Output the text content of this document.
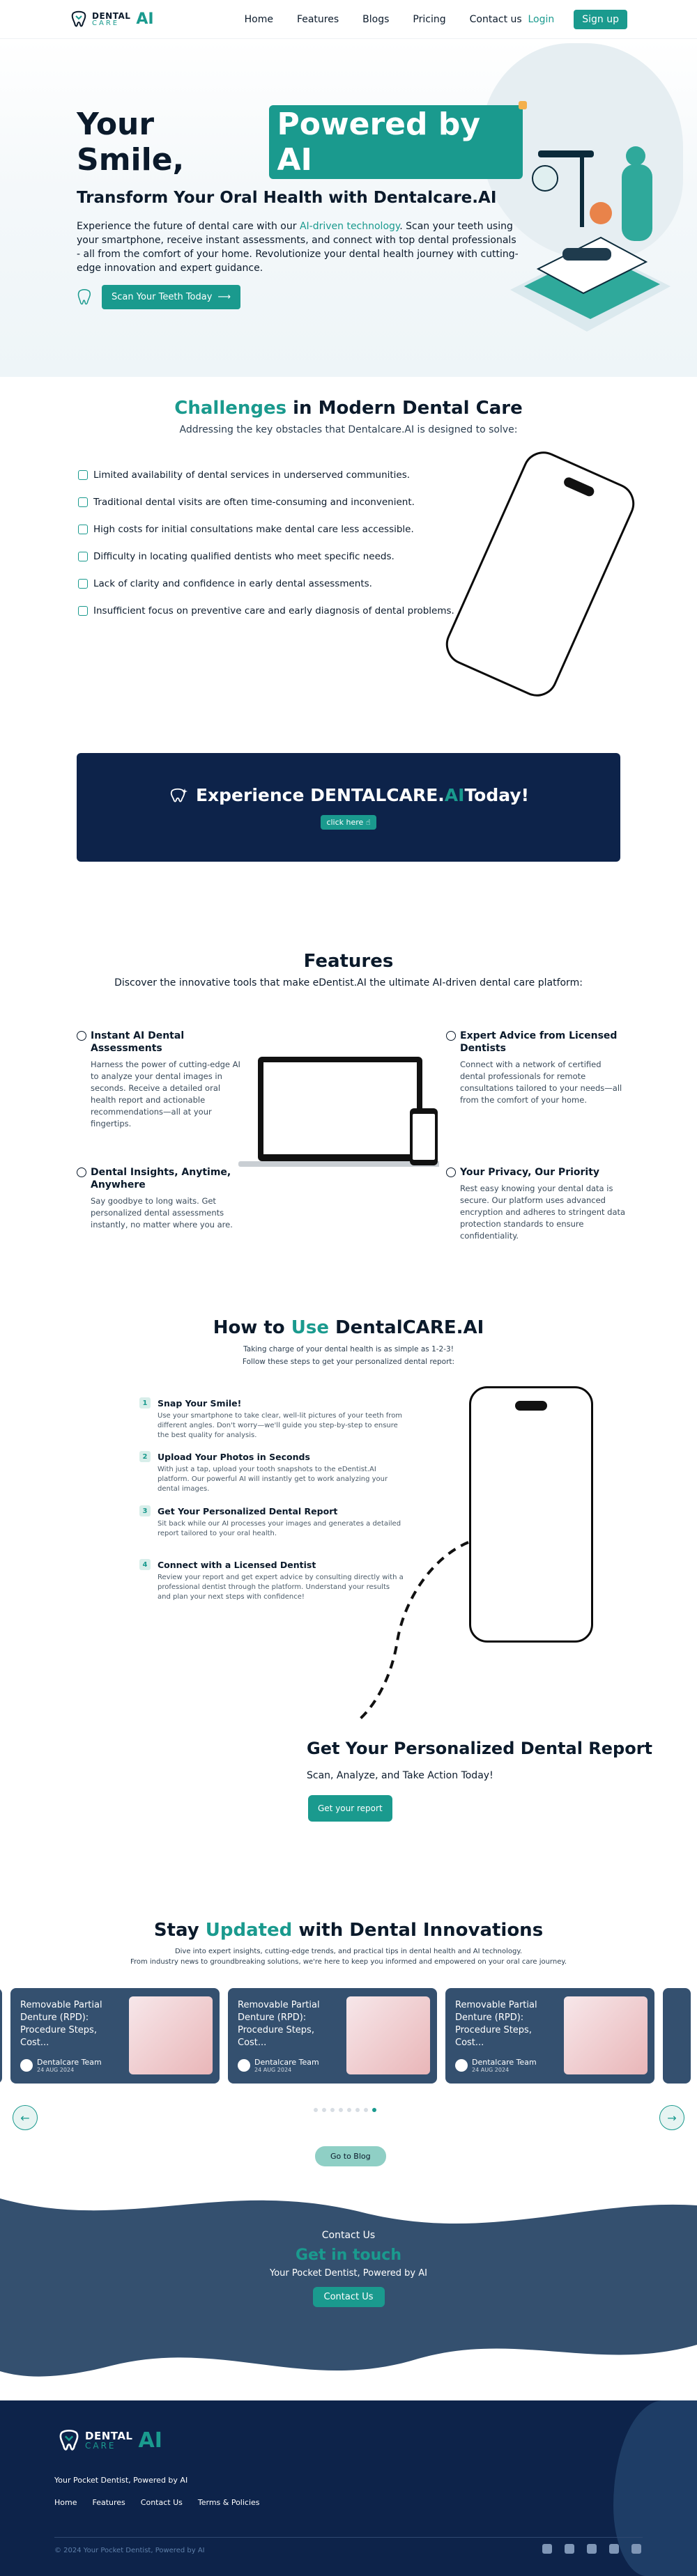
DENTAL
CARE	AI	Home Features Blogs Pricing Contact us Login	Sign up
Your Smile,
Powered by AI
Transform Your Oral Health with Dentalcare.AI
Experience the future of dental care with our AI-driven technology. Scan your teeth using your smartphone, receive instant assessments, and connect with top dental professionals - all from the comfort of your home. Revolutionize your dental health journey with cutting-edge innovation and expert guidance.
Scan Your Teeth Today ⟶
Challenges in Modern Dental Care
Addressing the key obstacles that Dentalcare.AI is designed to solve:
Limited availability of dental services in underserved communities.
Traditional dental visits are often time-consuming and inconvenient.
High costs for initial consultations make dental care less accessible.
Difficulty in locating qualified dentists who meet specific needs.
Lack of clarity and confidence in early dental assessments.
Insufficient focus on preventive care and early diagnosis of dental problems.
Experience DENTALCARE. AI Today!
click here ☝
Features
Discover the innovative tools that make eDentist.AI the ultimate AI-driven dental care platform:
Instant AI Dental Assessments

Harness the power of cutting-edge AI to analyze your dental images in seconds. Receive a detailed oral health report and actionable recommendations—all at your fingertips.

Expert Advice from Licensed Dentists

Connect with a network of certified dental professionals for remote consultations tailored to your needs—all from the comfort of your home.

Dental Insights, Anytime, Anywhere

Say goodbye to long waits. Get personalized dental assessments instantly, no matter where you are.

Your Privacy, Our Priority

Rest easy knowing your dental data is secure. Our platform uses advanced encryption and adheres to stringent data protection standards to ensure confidentiality.

How to Use DentalCARE.AI
Taking charge of your dental health is as simple as 1-2-3!
Follow these steps to get your personalized dental report:
1	Snap Your Smile!

Use your smartphone to take clear, well-lit pictures of your teeth from different angles. Don't worry—we'll guide you step-by-step to ensure the best quality for analysis.

2	Upload Your Photos in Seconds

With just a tap, upload your tooth snapshots to the eDentist.AI platform. Our powerful AI will instantly get to work analyzing your dental images.

3	Get Your Personalized Dental Report

Sit back while our AI processes your images and generates a detailed report tailored to your oral health.

4	Connect with a Licensed Dentist

Review your report and get expert advice by consulting directly with a professional dentist through the platform. Understand your results and plan your next steps with confidence!

Get Your Personalized Dental Report
Scan, Analyze, and Take Action Today!
Get your report
Stay Updated with Dental Innovations
Dive into expert insights, cutting-edge trends, and practical tips in dental health and AI technology.
From industry news to groundbreaking solutions, we're here to keep you informed and empowered on your oral care journey.
Removable Partial Denture (RPD): Procedure Steps, Cost...
Dentalcare Team
24 AUG 2024
Removable Partial Denture (RPD): Procedure Steps, Cost...
Dentalcare Team
24 AUG 2024
Removable Partial Denture (RPD): Procedure Steps, Cost...
Dentalcare Team
24 AUG 2024
←	→
Go to Blog
Contact Us
Get in touch
Your Pocket Dentist, Powered by AI
Contact Us
DENTAL
CARE	AI
Your Pocket Dentist, Powered by AI
Home Features Contact Us Terms & Policies
© 2024 Your Pocket Dentist, Powered by AI
